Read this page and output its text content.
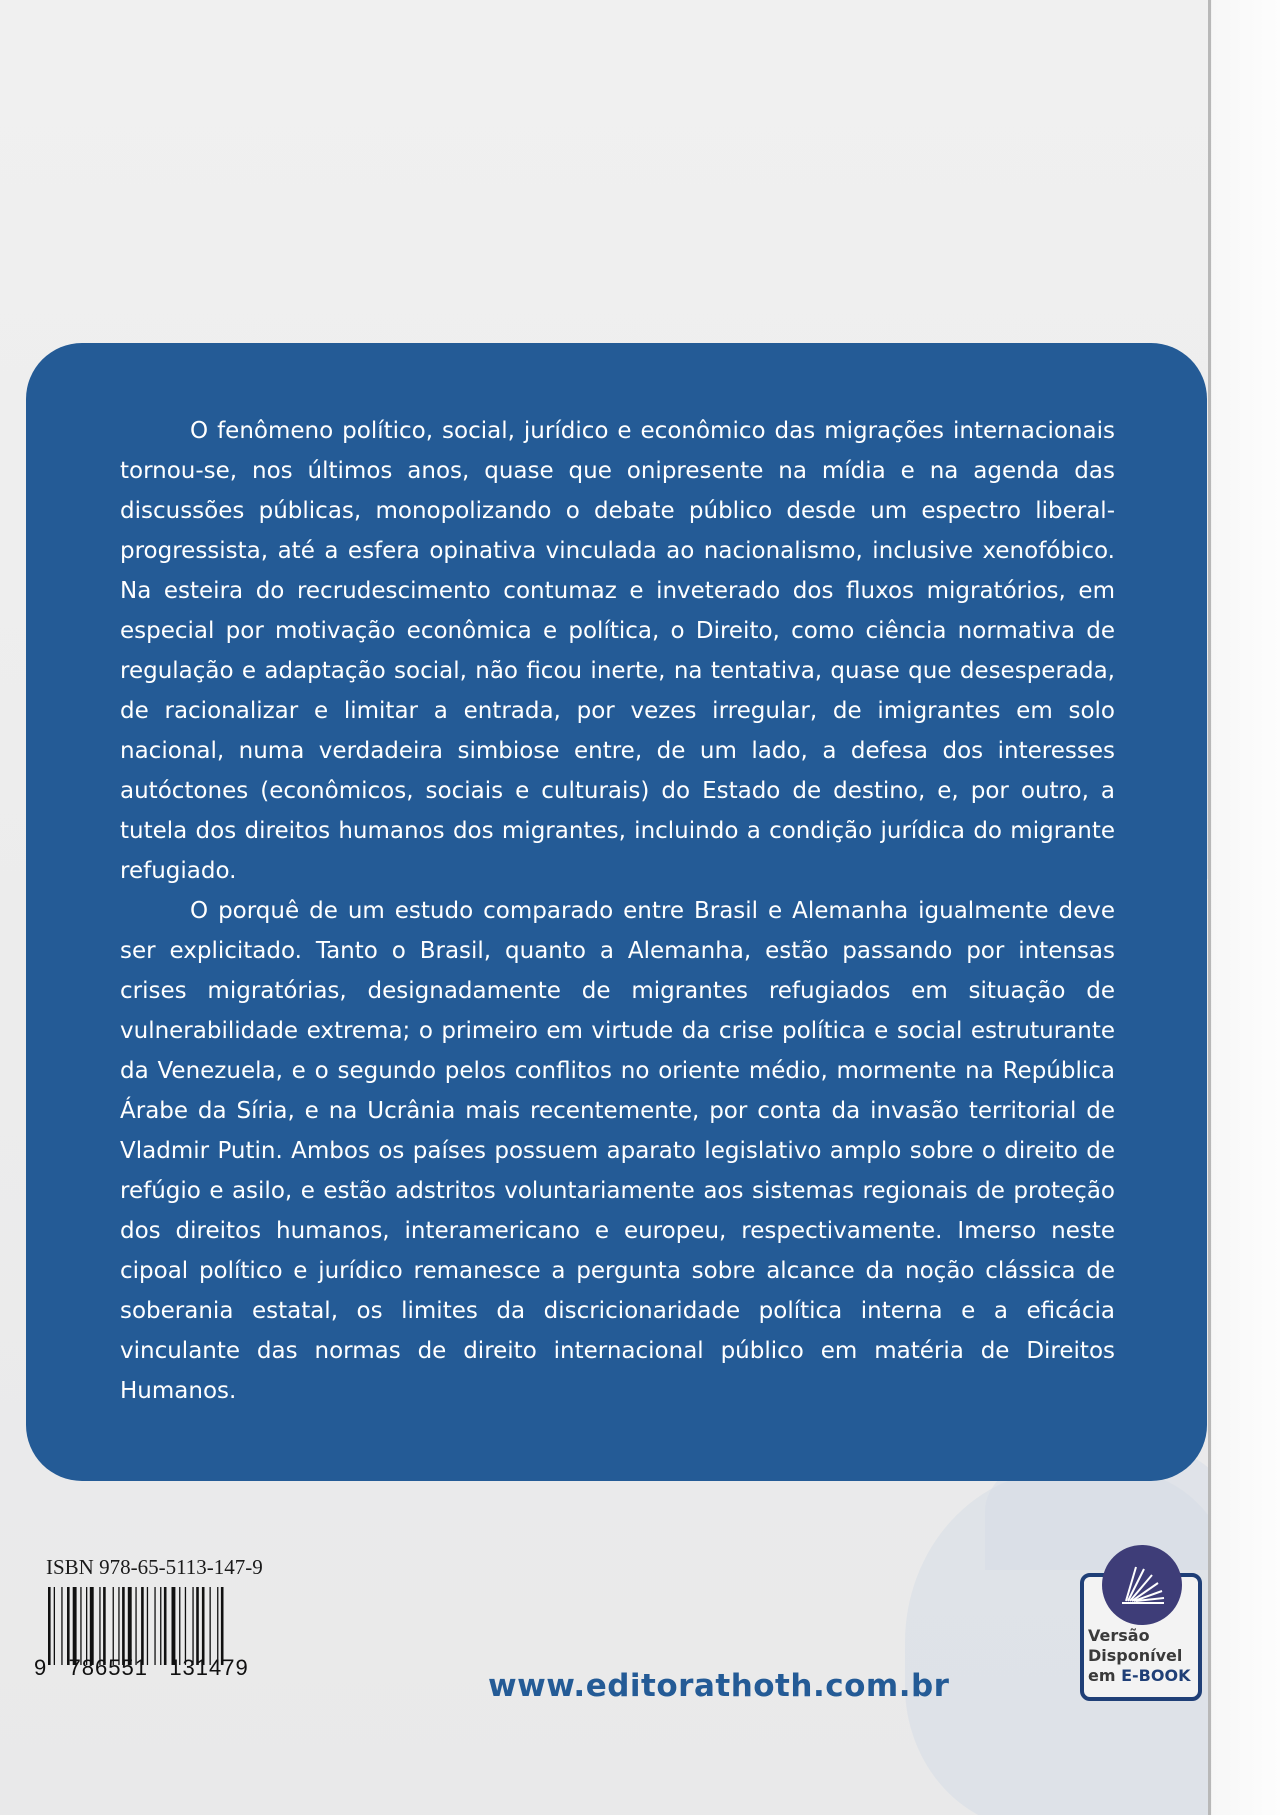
O fenômeno político, social, jurídico e econômico das migrações internacionais tornou-se, nos últimos anos, quase que onipresente na mídia e na agenda das discussões públicas, monopolizando o debate público desde um espectro liberal-progressista, até a esfera opinativa vinculada ao nacionalismo, inclusive xenofóbico. Na esteira do recrudescimento contumaz e inveterado dos fluxos migratórios, em especial por motivação econômica e política, o Direito, como ciência normativa de regulação e adaptação social, não ficou inerte, na tentativa, quase que desesperada, de racionalizar e limitar a entrada, por vezes irregular, de imigrantes em solo nacional, numa verdadeira simbiose entre, de um lado, a defesa dos interesses autóctones (econômicos, sociais e culturais) do Estado de destino, e, por outro, a tutela dos direitos humanos dos migrantes, incluindo a condição jurídica do migrante refugiado.

O porquê de um estudo comparado entre Brasil e Alemanha igualmente deve ser explicitado. Tanto o Brasil, quanto a Alemanha, estão passando por intensas crises migratórias, designadamente de migrantes refugiados em situação de vulnerabilidade extrema; o primeiro em virtude da crise política e social estruturante da Venezuela, e o segundo pelos conflitos no oriente médio, mormente na República Árabe da Síria, e na Ucrânia mais recentemente, por conta da invasão territorial de Vladmir Putin. Ambos os países possuem aparato legislativo amplo sobre o direito de refúgio e asilo, e estão adstritos voluntariamente aos sistemas regionais de proteção dos direitos humanos, interamericano e europeu, respectivamente. Imerso neste cipoal político e jurídico remanesce a pergunta sobre alcance da noção clássica de soberania estatal, os limites da discricionaridade política interna e a eficácia vinculante das normas de direito internacional público em matéria de Direitos Humanos.

ISBN 978-65-5113-147-9
9   786551   131479
www.editorathoth.com.br
Versão
Disponível
em E-BOOK
